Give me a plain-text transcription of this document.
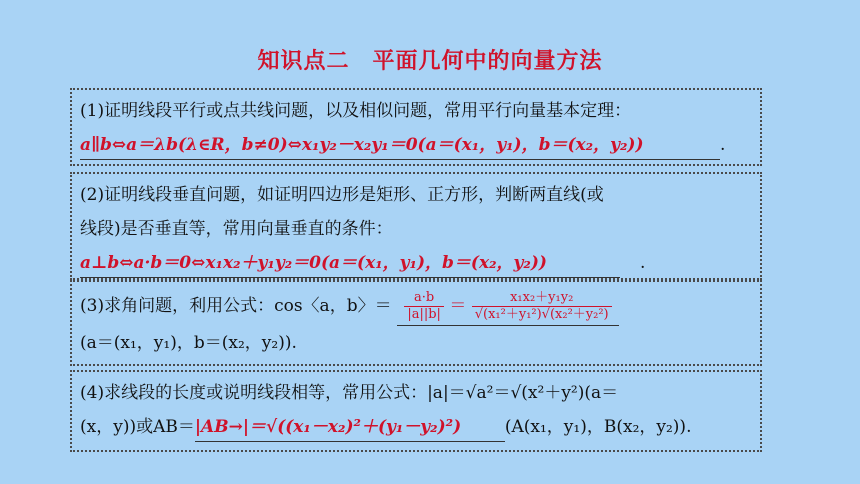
知识点二　平面几何中的向量方法
(1)证明线段平行或点共线问题，以及相似问题，常用平行向量基本定理：
a∥b⇔a＝λb(λ∈R，b≠0)⇔x₁y₂－x₂y₁＝0(a＝(x₁，y₁)，b＝(x₂，y₂))	.
(2)证明线段垂直问题，如证明四边形是矩形、正方形，判断两直线(或
线段)是否垂直等，常用向量垂直的条件：
a⊥b⇔a·b＝0⇔x₁x₂＋y₁y₂＝0(a＝(x₁，y₁)，b＝(x₂，y₂))	.
(3)求角问题，利用公式：cos〈a，b〉＝ $\frac{a\cdot b}{|a||b|} = \frac{\text{x₁x₂＋y₁y₂}}{\text{√(x₁²＋y₁²)√(x₂²＋y₂²)}}$
(a＝(x₁，y₁)，b＝(x₂，y₂)).
(4)求线段的长度或说明线段相等，常用公式：|a|＝√a²＝√(x²＋y²)(a＝
(x，y))或AB＝|AB→|＝√((x₁－x₂)²＋(y₁－y₂)²)	(A(x₁，y₁)，B(x₂，y₂)).
